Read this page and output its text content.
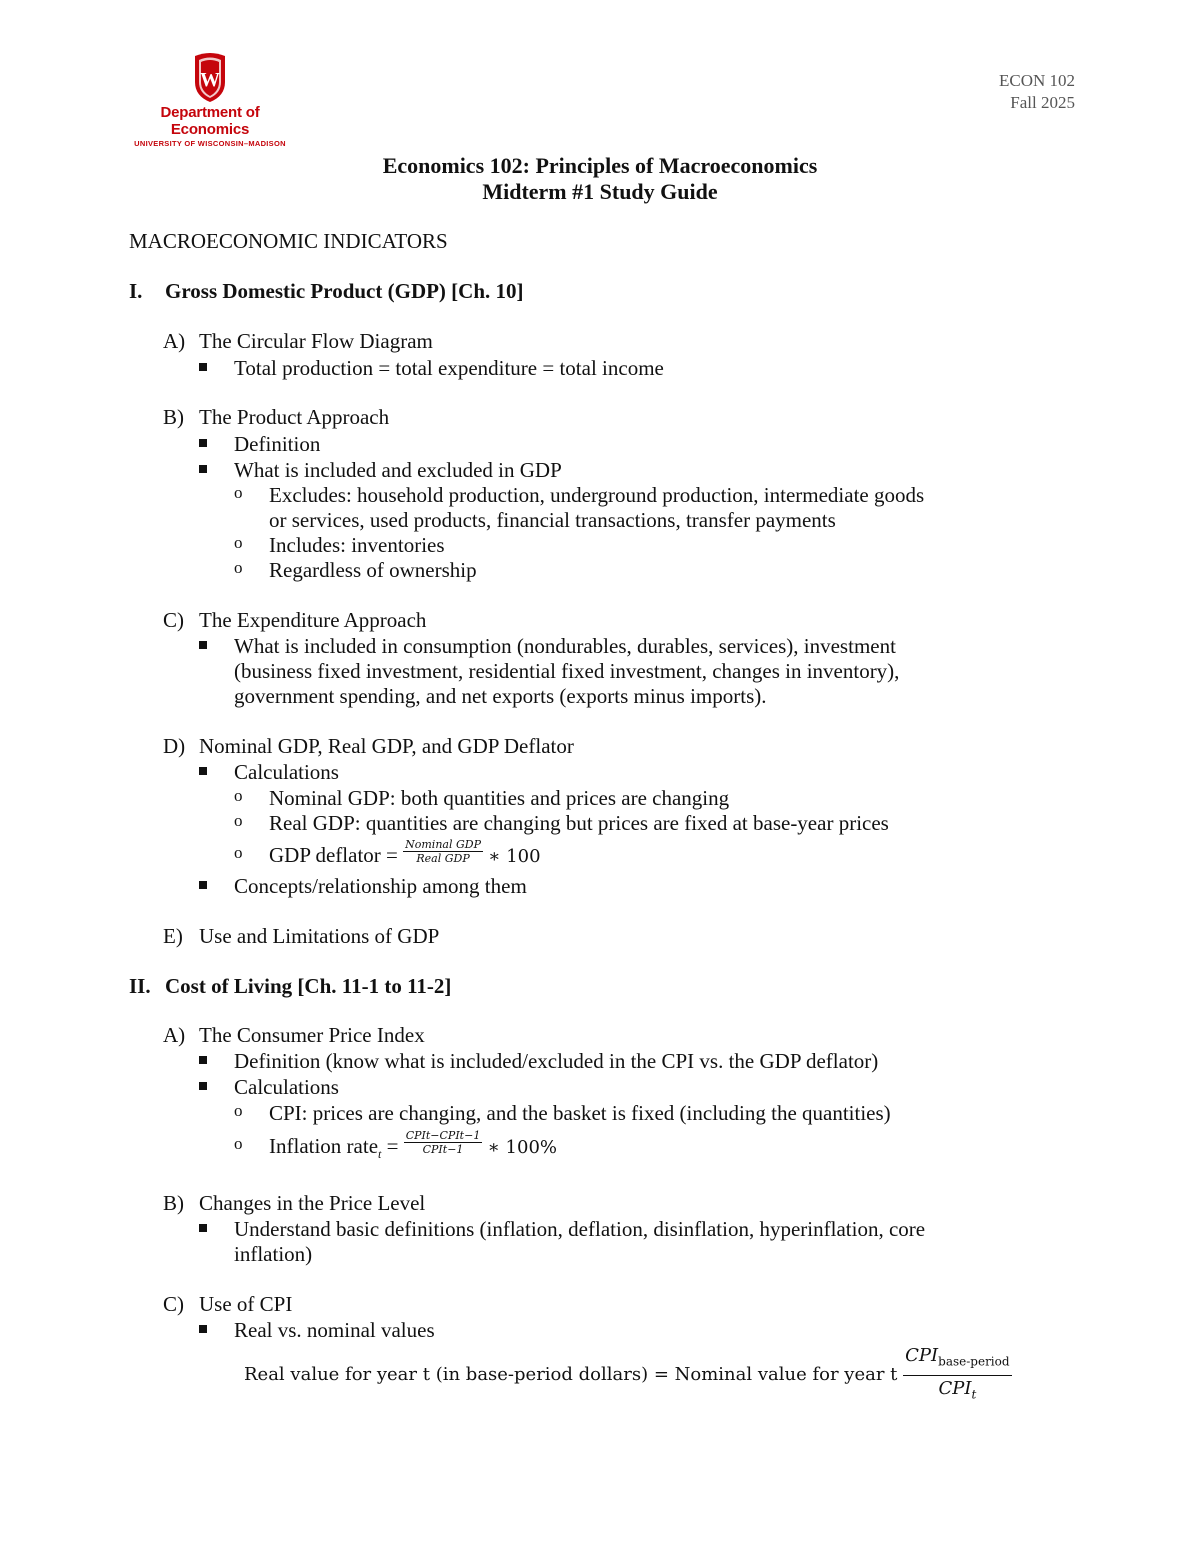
W
Department of Economics
UNIVERSITY OF WISCONSIN–MADISON
ECON 102
Fall 2025
Economics 102: Principles of Macroeconomics
Midterm #1 Study Guide
MACROECONOMIC INDICATORS
I. Gross Domestic Product (GDP) [Ch. 10]
A) The Circular Flow Diagram
Total production = total expenditure = total income
B) The Product Approach
Definition
What is included and excluded in GDP
o Excludes: household production, underground production, intermediate goods
or services, used products, financial transactions, transfer payments
o Includes: inventories
o Regardless of ownership
C) The Expenditure Approach
What is included in consumption (nondurables, durables, services), investment
(business fixed investment, residential fixed investment, changes in inventory),
government spending, and net exports (exports minus imports).
D) Nominal GDP, Real GDP, and GDP Deflator
Calculations
o Nominal GDP: both quantities and prices are changing
o Real GDP: quantities are changing but prices are fixed at base-year prices
o GDP deflator = $\frac{\text{Nominal GDP}}{\text{Real GDP}}$ ∗ 100
Concepts/relationship among them
E) Use and Limitations of GDP
II. Cost of Living [Ch. 11-1 to 11-2]
A) The Consumer Price Index
Definition (know what is included/excluded in the CPI vs. the GDP deflator)
Calculations
o CPI: prices are changing, and the basket is fixed (including the quantities)
o Inflation rate$_t$ = $\frac{\text{CPIt−CPIt−1}}{\text{CPIt−1}}$ ∗ 100%
B) Changes in the Price Level
Understand basic definitions (inflation, deflation, disinflation, hyperinflation, core
inflation)
C) Use of CPI
Real vs. nominal values
Real value for year t (in base-period dollars) = Nominal value for year t
$CPI_{base-period}$
$CPI_t$
